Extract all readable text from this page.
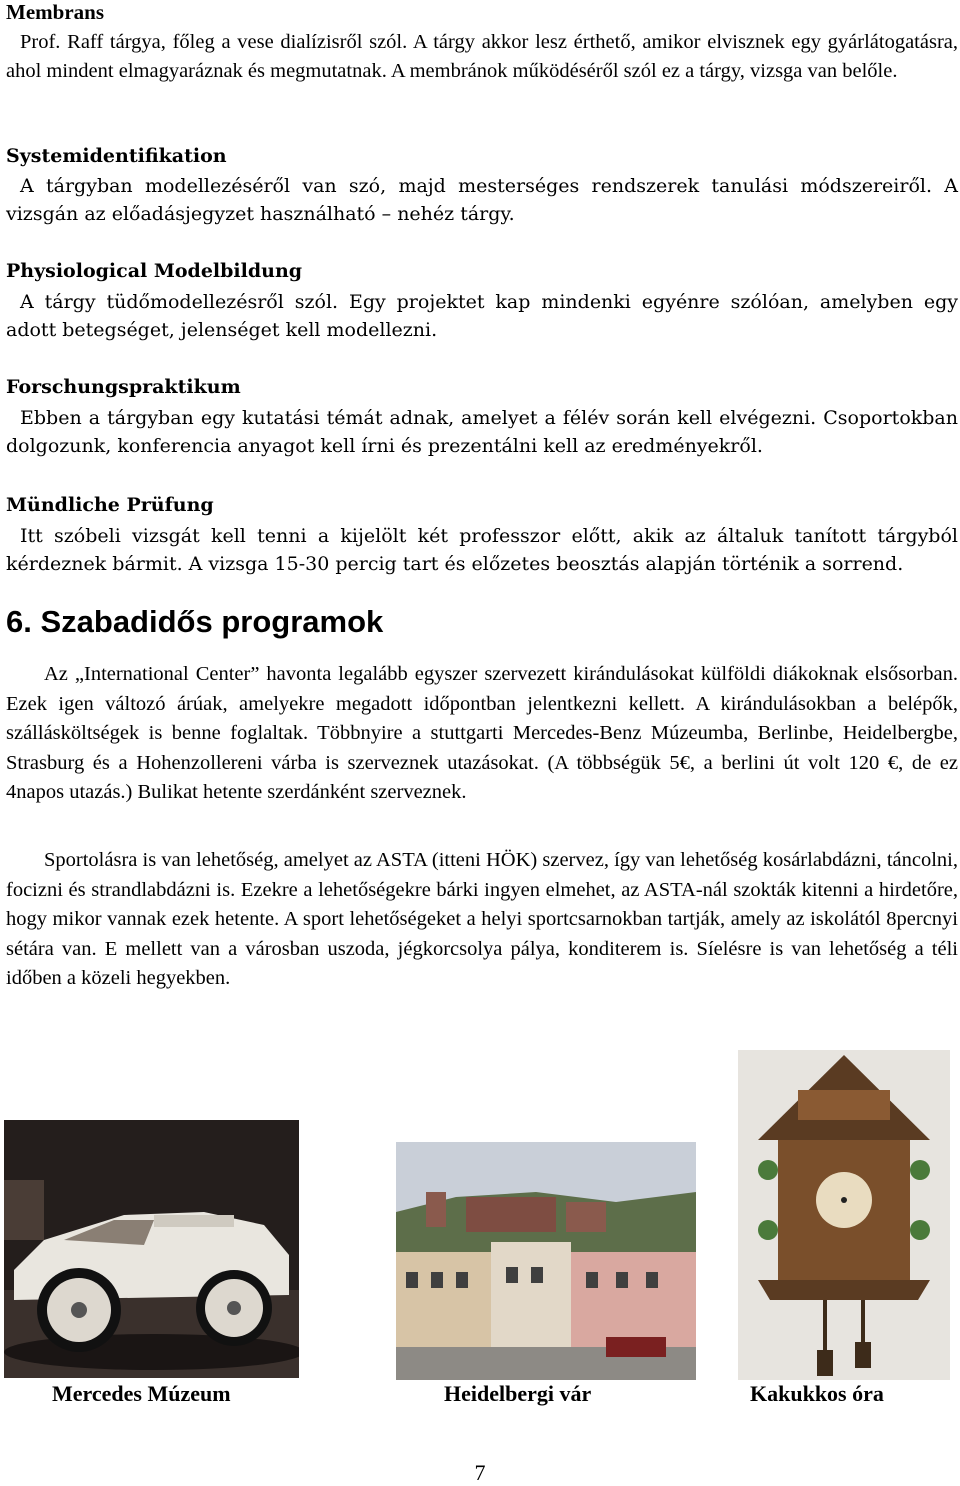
Membrans
Prof. Raff tárgya, főleg a vese dialízisről szól. A tárgy akkor lesz érthető, amikor elvisznek egy gyárlátogatásra, ahol mindent elmagyaráznak és megmutatnak. A membránok működéséről szól ez a tárgy, vizsga van belőle.
Systemidentifikation
A tárgyban modellezéséről van szó, majd mesterséges rendszerek tanulási módszereiről. A vizsgán az előadásjegyzet használható – nehéz tárgy.
Physiological Modelbildung
A tárgy tüdőmodellezésről szól. Egy projektet kap mindenki egyénre szólóan, amelyben egy adott betegséget, jelenséget kell modellezni.
Forschungspraktikum
Ebben a tárgyban egy kutatási témát adnak, amelyet a félév során kell elvégezni. Csoportokban dolgozunk, konferencia anyagot kell írni és prezentálni kell az eredményekről.
Mündliche Prüfung
Itt szóbeli vizsgát kell tenni a kijelölt két professzor előtt, akik az általuk tanított tárgyból kérdeznek bármit. A vizsga 15-30 percig tart és előzetes beosztás alapján történik a sorrend.
6. Szabadidős programok
Az „International Center” havonta legalább egyszer szervezett kirándulásokat külföldi diákoknak elsősorban. Ezek igen változó árúak, amelyekre megadott időpontban jelentkezni kellett. A kirándulásokban a belépők, szállásköltségek is benne foglaltak. Többnyire a stuttgarti Mercedes-Benz Múzeumba, Berlinbe, Heidelbergbe, Strasburg és a Hohenzollereni várba is szerveznek utazásokat. (A többségük 5€, a berlini út volt 120 €, de ez 4napos utazás.) Bulikat hetente szerdánként szerveznek.
Sportolásra is van lehetőség, amelyet az ASTA (itteni HÖK) szervez, így van lehetőség kosárlabdázni, táncolni, focizni és strandlabdázni is. Ezekre a lehetőségekre bárki ingyen elmehet, az ASTA-nál szokták kitenni a hirdetőre, hogy mikor vannak ezek hetente. A sport lehetőségeket a helyi sportcsarnokban tartják, amely az iskolától 8percnyi sétára van. E mellett van a városban uszoda, jégkorcsolya pálya, konditerem is. Síelésre is van lehetőség a téli időben a közeli hegyekben.
Mercedes Múzeum	Heidelbergi vár	Kakukkos óra
7
